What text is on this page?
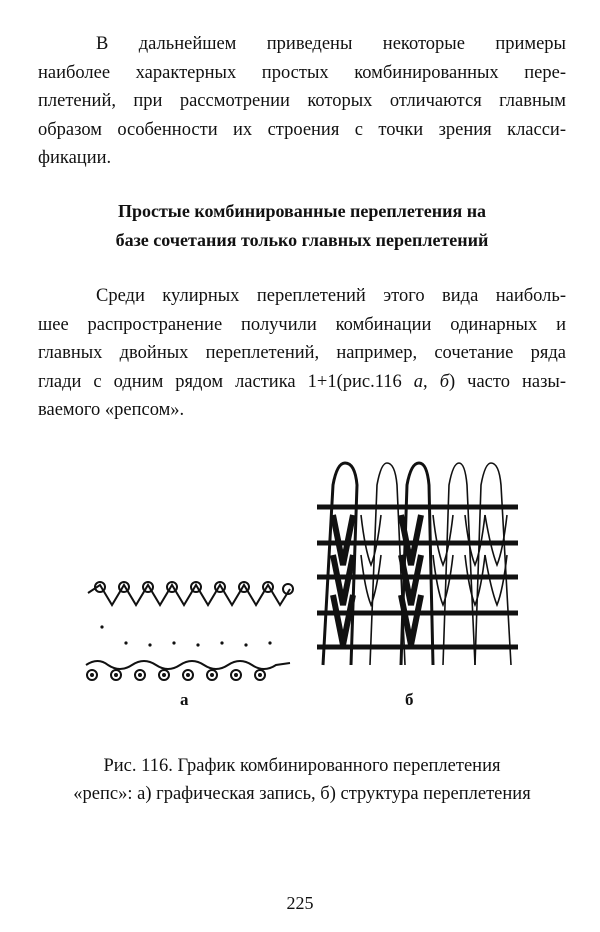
В дальнейшем приведены некоторые примеры
наиболее характерных простых комбинированных пере-
плетений, при рассмотрении которых отличаются главным
образом особенности их строения с точки зрения класси-
фикации.
Простые комбинированные переплетения на
базе сочетания только главных переплетений
Среди кулирных переплетений этого вида наиболь-
шее распространение получили комбинации одинарных и
главных двойных переплетений, например, сочетание ряда
глади с одним рядом ластика 1+1(рис.116 а, б) часто назы-
ваемого «репсом».
а	б
Рис. 116. График комбинированного переплетения
«репс»: а) графическая запись, б) структура переплетения
225
